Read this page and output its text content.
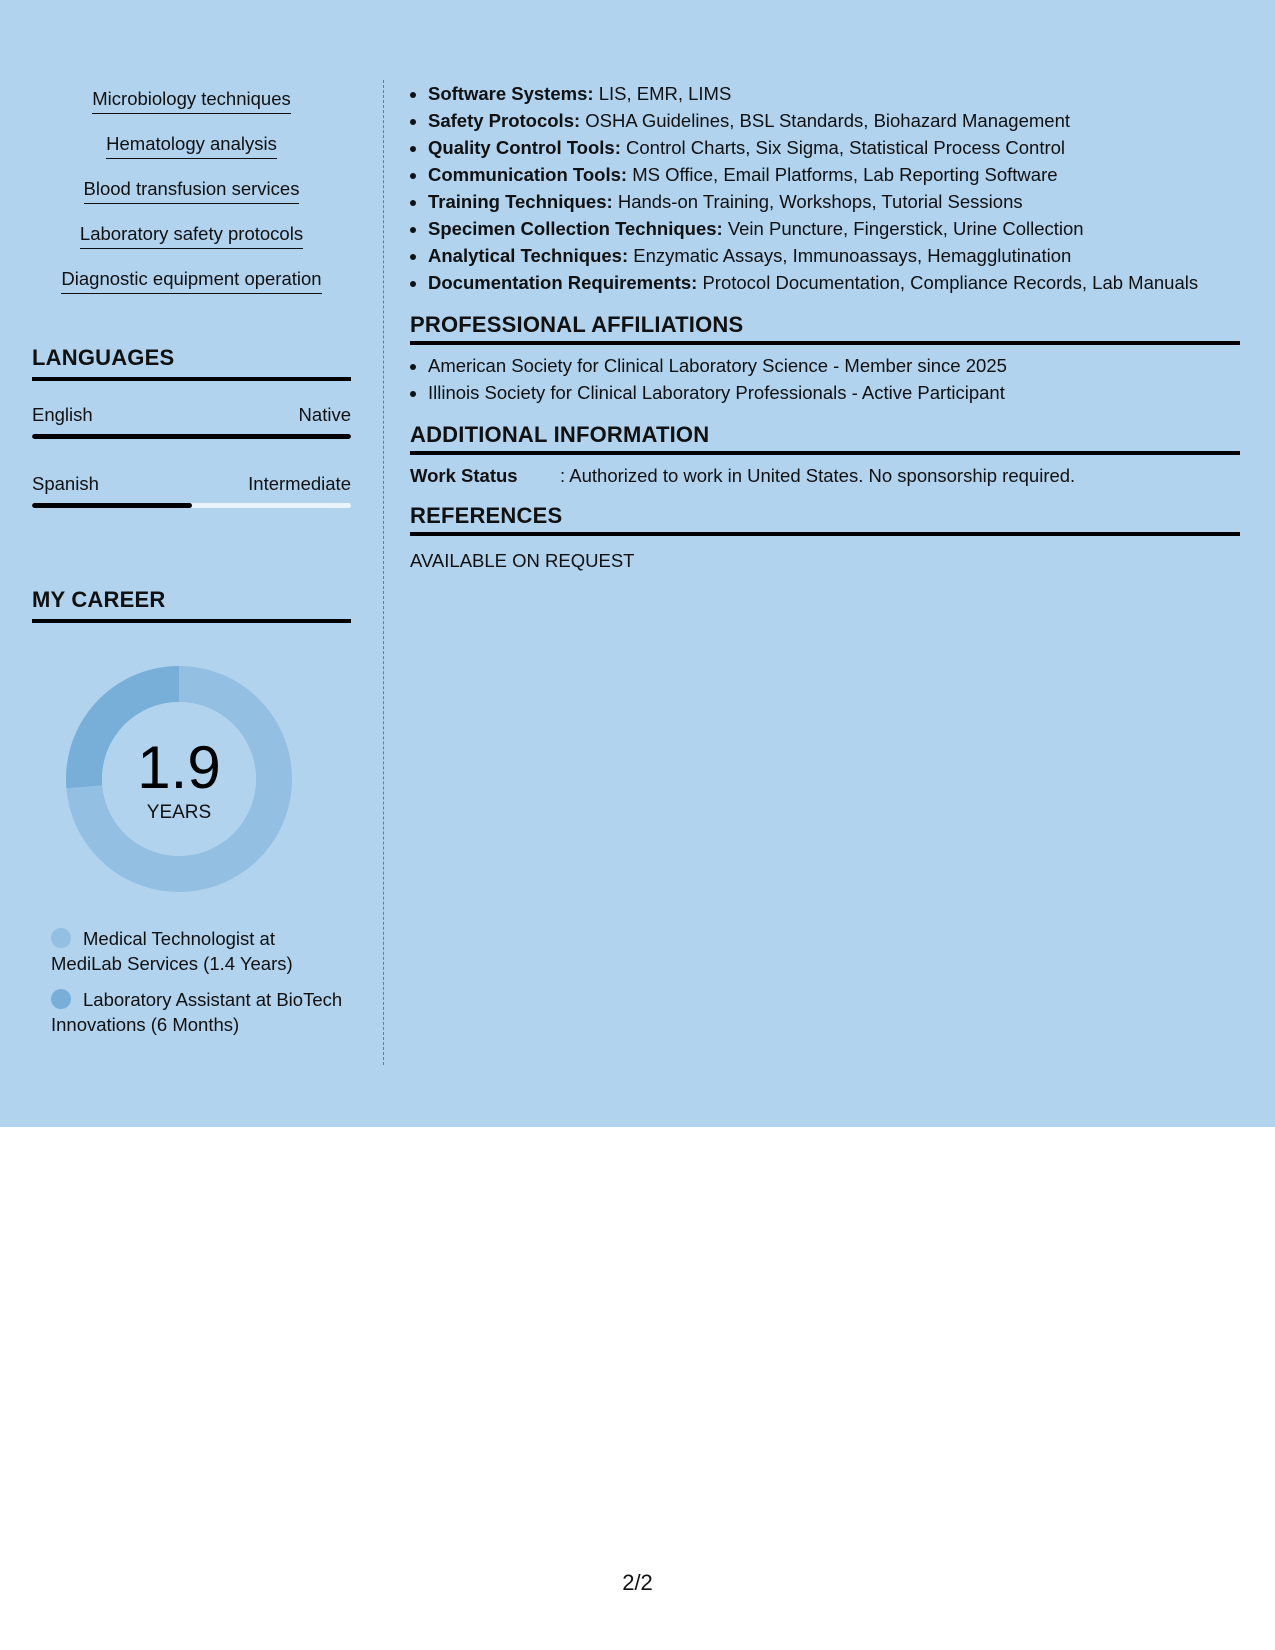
Microbiology techniques
Hematology analysis
Blood transfusion services
Laboratory safety protocols
Diagnostic equipment operation
LANGUAGES
English	Native
Spanish	Intermediate
MY CAREER
1.9
YEARS
Medical Technologist at MediLab Services (1.4 Years)
Laboratory Assistant at BioTech Innovations (6 Months)
• Software Systems: LIS, EMR, LIMS
• Safety Protocols: OSHA Guidelines, BSL Standards, Biohazard Management
• Quality Control Tools: Control Charts, Six Sigma, Statistical Process Control
• Communication Tools: MS Office, Email Platforms, Lab Reporting Software
• Training Techniques: Hands-on Training, Workshops, Tutorial Sessions
• Specimen Collection Techniques: Vein Puncture, Fingerstick, Urine Collection
• Analytical Techniques: Enzymatic Assays, Immunoassays, Hemagglutination
• Documentation Requirements: Protocol Documentation, Compliance Records, Lab Manuals
PROFESSIONAL AFFILIATIONS
• American Society for Clinical Laboratory Science - Member since 2025
• Illinois Society for Clinical Laboratory Professionals - Active Participant
ADDITIONAL INFORMATION
Work Status : Authorized to work in United States. No sponsorship required.
REFERENCES
AVAILABLE ON REQUEST
2/2
